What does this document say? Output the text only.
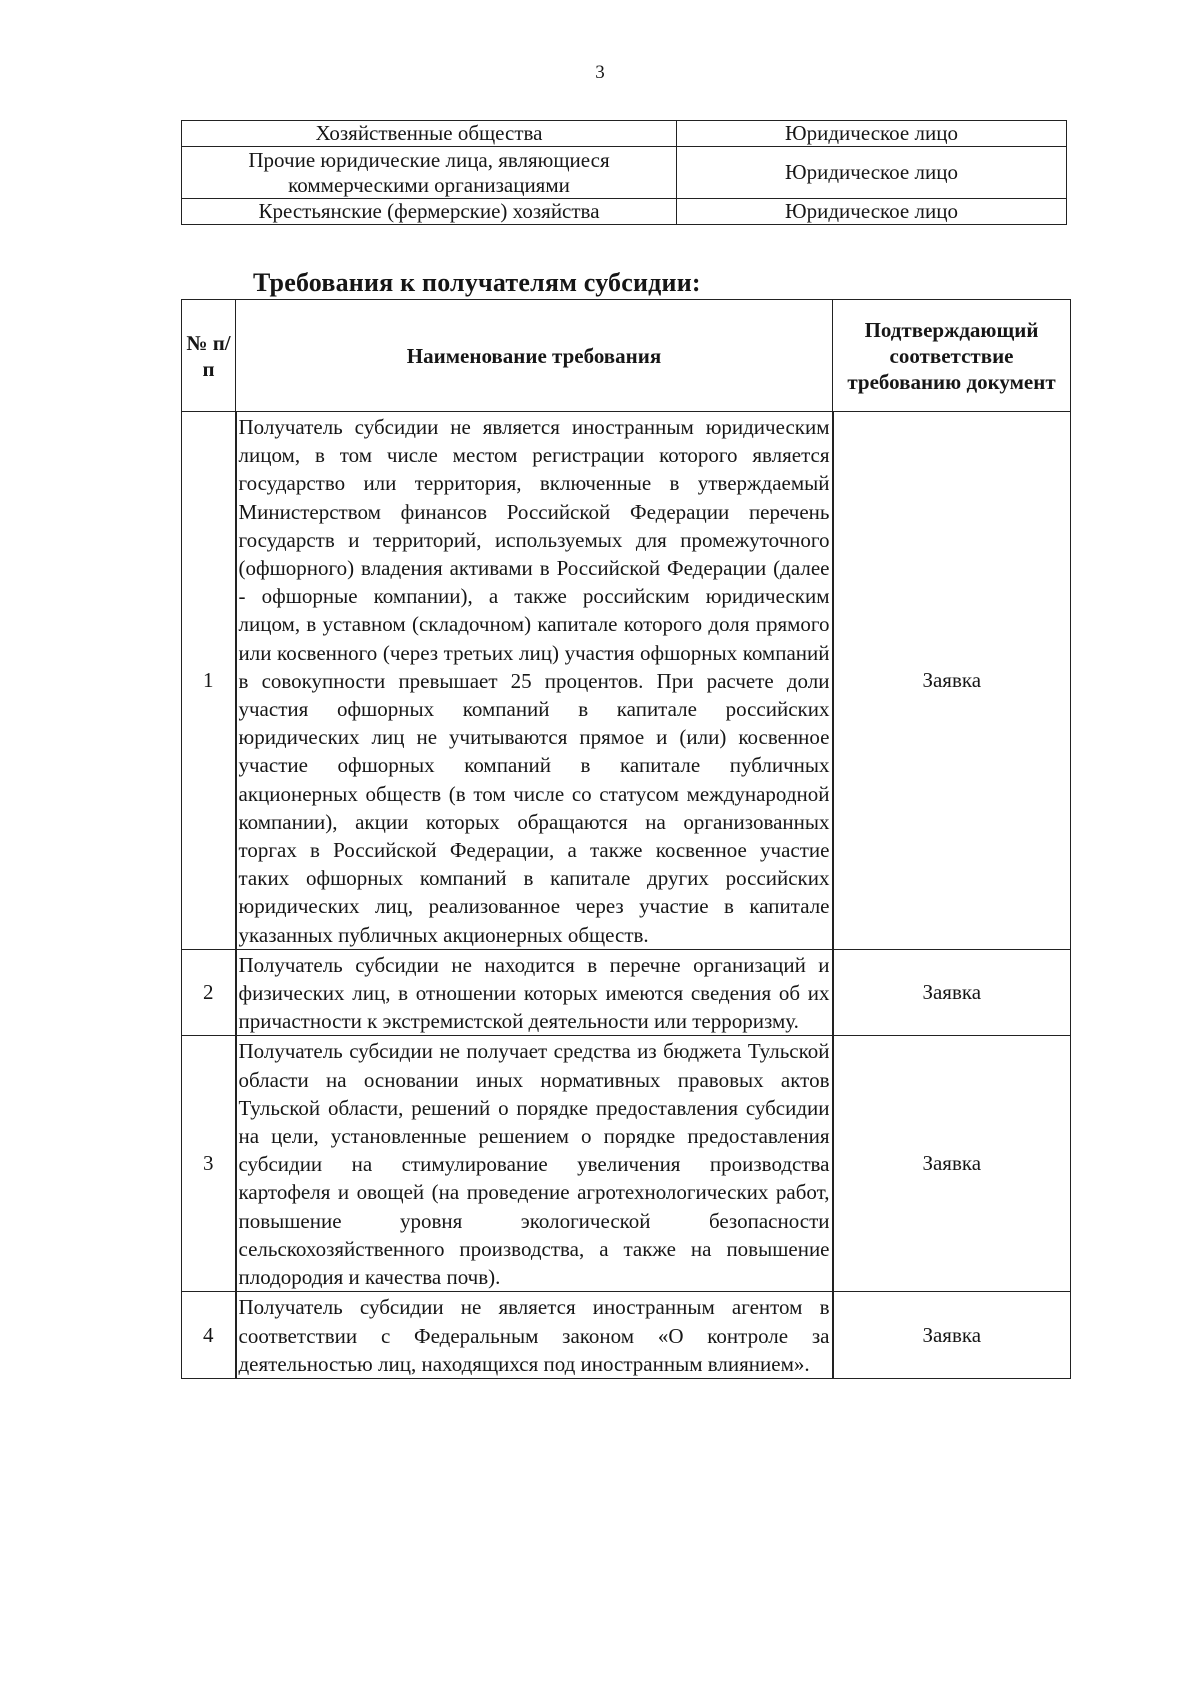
3
Хозяйственные общества	Юридическое лицо
Прочие юридические лица, являющиеся коммерческими организациями	Юридическое лицо
Крестьянские (фермерские) хозяйства	Юридическое лицо
Требования к получателям субсидии:
№ п/п	Наименование требования	Подтверждающий соответствие требованию документ
1	Получатель субсидии не является иностранным юридическим лицом, в том числе местом регистрации которого является государство или территория, включенные в утверждаемый Министерством финансов Российской Федерации перечень государств и территорий, используемых для промежуточного (офшорного) владения активами в Российской Федерации (далее - офшорные компании), а также российским юридическим лицом, в уставном (складочном) капитале которого доля прямого или косвенного (через третьих лиц) участия офшорных компаний в совокупности превышает 25 процентов. При расчете доли участия офшорных компаний в капитале российских юридических лиц не учитываются прямое и (или) косвенное участие офшорных компаний в капитале публичных акционерных обществ (в том числе со статусом международной компании), акции которых обращаются на организованных торгах в Российской Федерации, а также косвенное участие таких офшорных компаний в капитале других российских юридических лиц, реализованное через участие в капитале указанных публичных акционерных обществ.	Заявка
2	Получатель субсидии не находится в перечне организаций и физических лиц, в отношении которых имеются сведения об их причастности к экстремистской деятельности или терроризму.	Заявка
3	Получатель субсидии не получает средства из бюджета Тульской области на основании иных нормативных правовых актов Тульской области, решений о порядке предоставления субсидии на цели, установленные решением о порядке предоставления субсидии на стимулирование увеличения производства картофеля и овощей (на проведение агротехнологических работ, повышение уровня экологической безопасности сельскохозяйственного производства, а также на повышение плодородия и качества почв).	Заявка
4	Получатель субсидии не является иностранным агентом в соответствии с Федеральным законом «О контроле за деятельностью лиц, находящихся под иностранным влиянием».	Заявка
